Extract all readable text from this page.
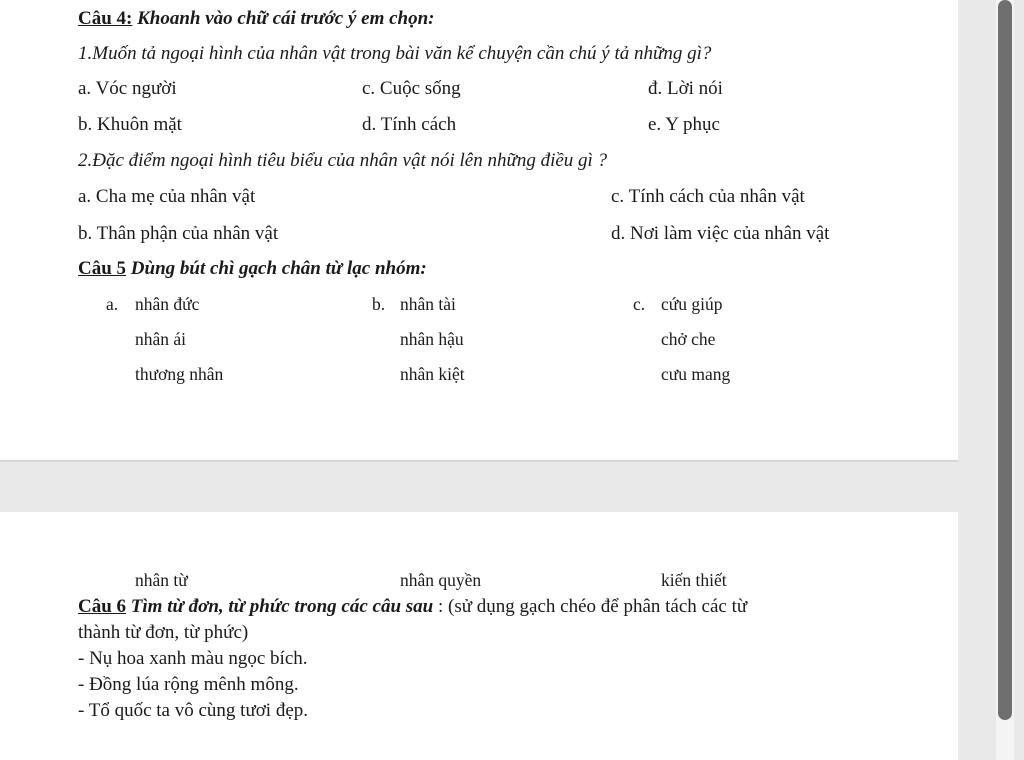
Câu 4: Khoanh vào chữ cái trước ý em chọn:
1.Muốn tả ngoại hình của nhân vật trong bài văn kể chuyện cần chú ý tả những gì?
a. Vóc người	c. Cuộc sống	đ. Lời nói
b. Khuôn mặt	d. Tính cách	e. Y phục
2.Đặc điểm ngoại hình tiêu biểu của nhân vật nói lên những điều gì ?
a. Cha mẹ của nhân vật	c. Tính cách của nhân vật
b. Thân phận của nhân vật	d. Nơi làm việc của nhân vật
Câu 5 Dùng bút chì gạch chân từ lạc nhóm:
a. nhân đức	b. nhân tài	c. cứu giúp
nhân ái	nhân hậu	chở che
thương nhân	nhân kiệt	cưu mang
nhân từ	nhân quyền	kiến thiết
Câu 6 Tìm từ đơn, từ phức trong các câu sau : (sử dụng gạch chéo để phân tách các từ
thành từ đơn, từ phức)
- Nụ hoa xanh màu ngọc bích.
- Đồng lúa rộng mênh mông.
- Tổ quốc ta vô cùng tươi đẹp.
